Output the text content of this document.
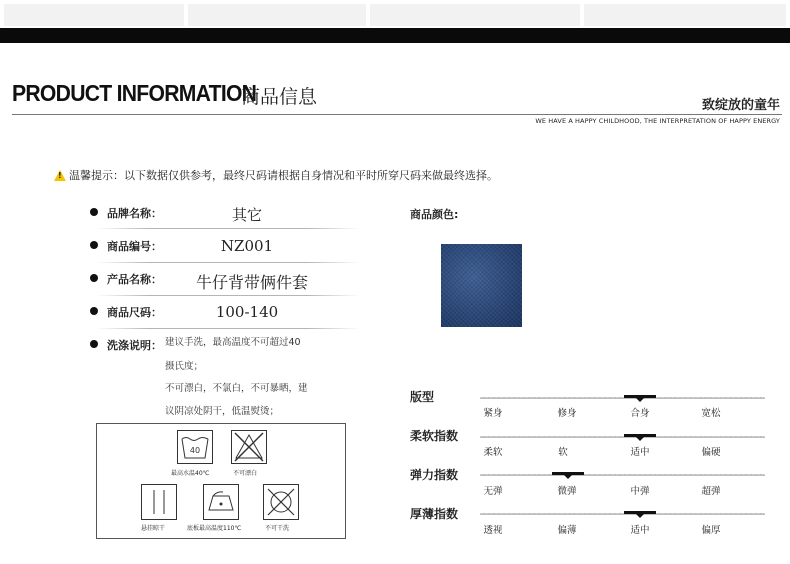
PRODUCT INFORMATION
商品信息	致绽放的童年
WE HAVE A HAPPY CHILDHOOD, THE INTERPRETATION OF HAPPY ENERGY
!
温馨提示：以下数据仅供参考，最终尺码请根据自身情况和平时所穿尺码来做最终选择。
品牌名称：	其它
商品编号：	NZ001
产品名称：	牛仔背带俩件套
商品尺码：	100-140
洗涤说明： 建议手洗，最高温度不可超过40
摄氏度；
不可漂白，不氯白，不可暴晒，建
议阴凉处阴干，低温熨烫；
40
最高水温40℃	不可漂白
悬挂晾干	底板最高温度110℃	不可干洗
商品颜色:
版型
紧身	修身	合身	宽松
柔软指数
柔软	软	适中	偏硬
弹力指数
无弹	微弹	中弹	超弹
厚薄指数
透视	偏薄	适中	偏厚
